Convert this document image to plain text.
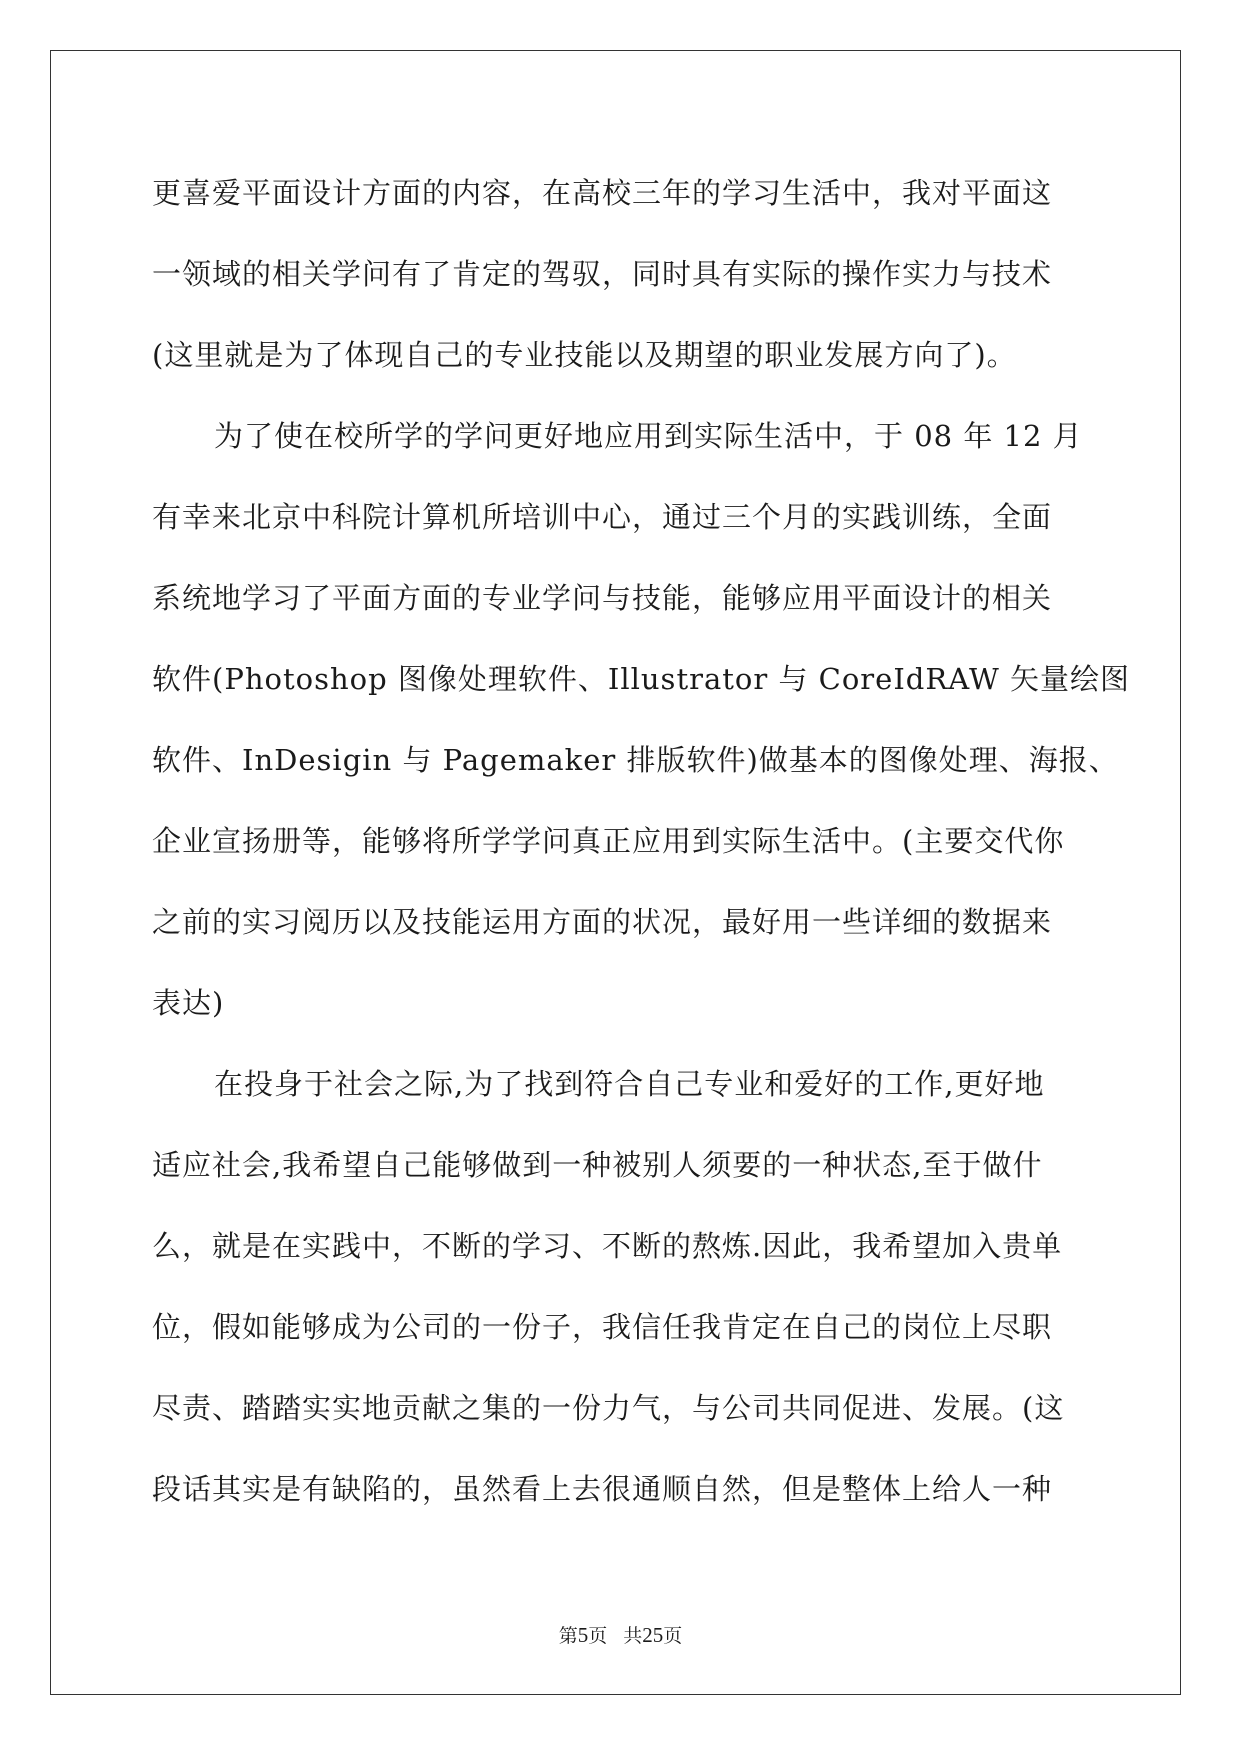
更喜爱平面设计方面的内容，在高校三年的学习生活中，我对平面这
一领域的相关学问有了肯定的驾驭，同时具有实际的操作实力与技术
(这里就是为了体现自己的专业技能以及期望的职业发展方向了)。
为了使在校所学的学问更好地应用到实际生活中，于 08 年 12 月
有幸来北京中科院计算机所培训中心，通过三个月的实践训练，全面
系统地学习了平面方面的专业学问与技能，能够应用平面设计的相关
软件(Photoshop 图像处理软件、Illustrator 与 CoreIdRAW 矢量绘图
软件、InDesigin 与 Pagemaker 排版软件)做基本的图像处理、海报、
企业宣扬册等，能够将所学学问真正应用到实际生活中。(主要交代你
之前的实习阅历以及技能运用方面的状况，最好用一些详细的数据来
表达)
在投身于社会之际,为了找到符合自己专业和爱好的工作,更好地
适应社会,我希望自己能够做到一种被别人须要的一种状态,至于做什
么，就是在实践中，不断的学习、不断的熬炼.因此，我希望加入贵单
位，假如能够成为公司的一份子，我信任我肯定在自己的岗位上尽职
尽责、踏踏实实地贡献之集的一份力气，与公司共同促进、发展。(这
段话其实是有缺陷的，虽然看上去很通顺自然，但是整体上给人一种
第5页 共25页
